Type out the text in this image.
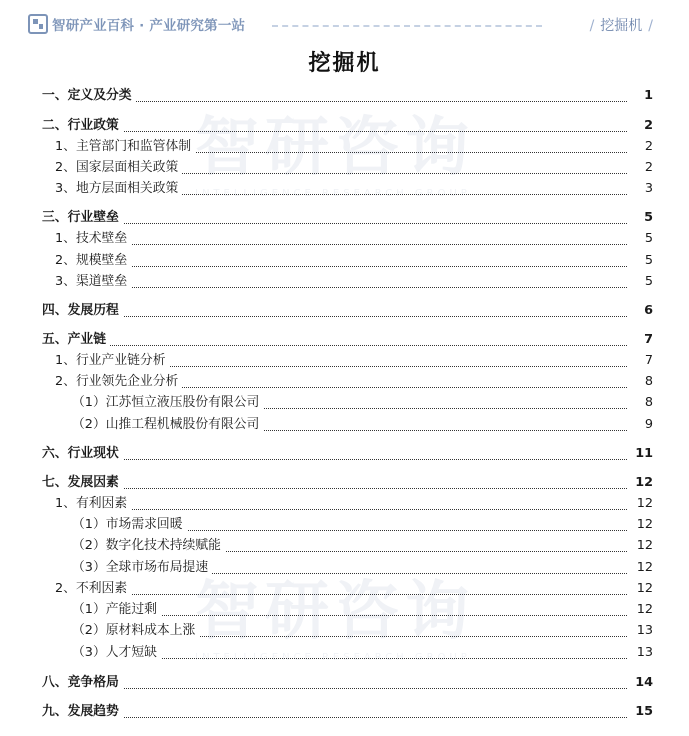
智研产业百科 · 产业研究第一站	/ 挖掘机 /
挖掘机
一、定义及分类	1
二、行业政策	2
1、主管部门和监管体制	2
2、国家层面相关政策	2
3、地方层面相关政策	3
三、行业壁垒	5
1、技术壁垒	5
2、规模壁垒	5
3、渠道壁垒	5
四、发展历程	6
五、产业链	7
1、行业产业链分析	7
2、行业领先企业分析	8
（1）江苏恒立液压股份有限公司	8
（2）山推工程机械股份有限公司	9
六、行业现状	11
七、发展因素	12
1、有利因素	12
（1）市场需求回暖	12
（2）数字化技术持续赋能	12
（3）全球市场布局提速	12
2、不利因素	12
（1）产能过剩	12
（2）原材料成本上涨	13
（3）人才短缺	13
八、竞争格局	14
九、发展趋势	15
智研咨询
INTELLIGENCE RESEARCH GROUP
智研咨询
INTELLIGENCE RESEARCH GROUP
